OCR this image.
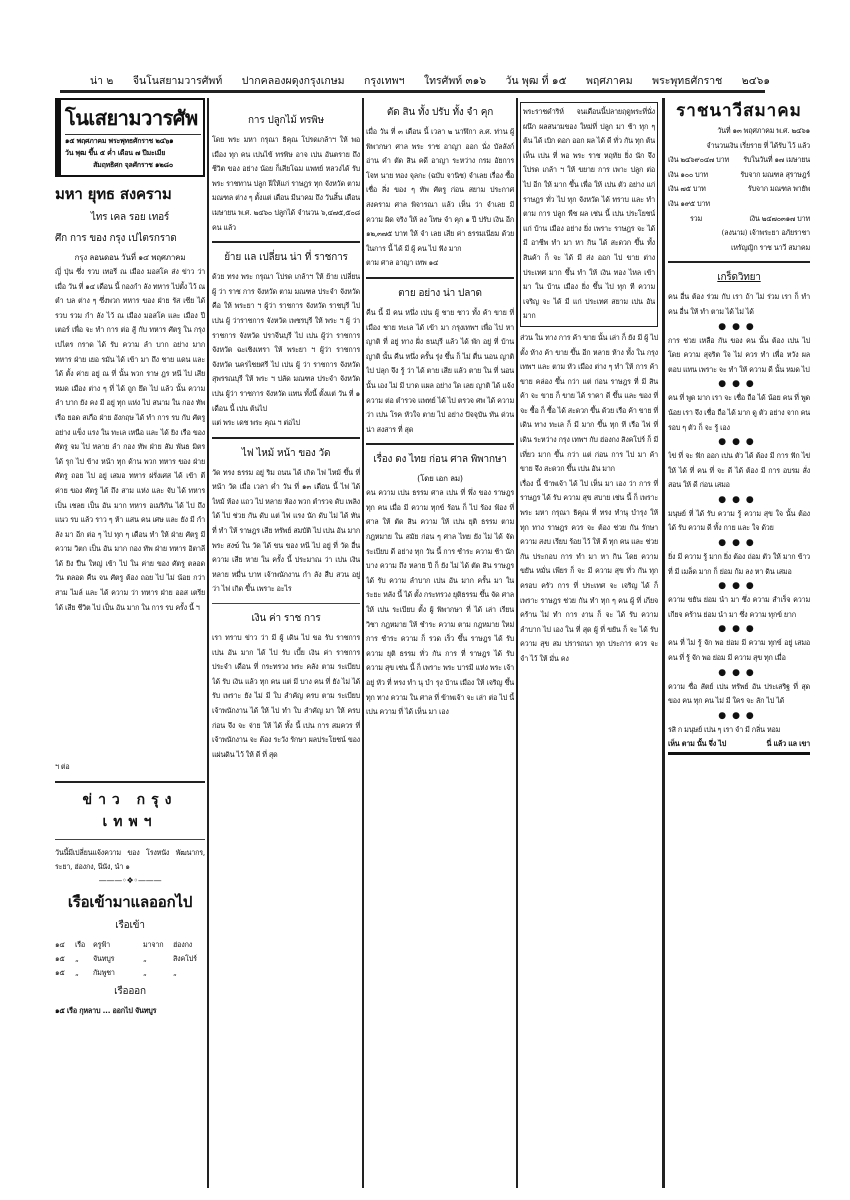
น่า ๒ จีนโนสยามวารศัพท์ ปากคลองผดุงกรุงเกษม กรุงเทพฯ ใทรศัพท์ ๓๑๖ วัน พุฒ ที่ ๑๕ พฤศภาคม พระพุทธศักราช ๒๔๖๑
โนเสยามวารศัพ
๑๕ พฤศภาคม พระพุทธศักราช ๒๔๖๑
วัน พุฒ ขึ้น ๕ ค่ำ เดือน ๗ ปีมะเมีย
สัมฤทธิศก จุลศักราช ๑๒๘๐
มหา ยุทธ สงคราม
ไทร เคล รอย เทอร์
ศึก การ ของ กรุง เปไตรกราด
กรุง ลอนดอน วันที่ ๑๔ พฤศภาคม

ญี่ ปุ่น ซึ่ง รวบ เทอรี ณ เมือง มอสโค ส่ง ข่าว ว่า เมื่อ วัน ที่ ๑๔ เดือน นี้ กองกำ ลัง ทหาร ไปตั้ง ไว้ ณ ตำ บล ต่าง ๆ ซึ่งพวก ทหาร ของ ฝ่าย รัส เซีย ได้ รวบ รวม กำ ลัง ไว้ ณ เมือง มอสโค และ เมือง ปีเตอร์ เพื่อ จะ ทำ การ ต่อ สู้ กับ ทหาร ศัตรู ใน กรุง เปไตร กราด ได้ รับ ความ ลำ บาก อย่าง มาก ทหาร ฝ่าย เยอ รมัน ได้ เข้า มา ถึง ชาย แดน และ ได้ ตั้ง ค่าย อยู่ ณ ที่ นั้น พวก ราษ ฎร หนี ไป เสีย หมด เมือง ต่าง ๆ ที่ ได้ ถูก ยึด ไป แล้ว นั้น ความ ลำ บาก ยัง คง มี อยู่ ทุก แห่ง ไป สนาม ใน กอง ทัพ เรือ ยอด สเกือ ฝ่าย อังกฤษ ได้ ทำ การ รบ กับ ศัตรู อย่าง แข็ง แรง ใน ทะเล เหนือ และ ได้ ยิง เรือ ของ ศัตรู จม ไป หลาย ลำ กอง ทัพ ฝ่าย สัม พันธ มิตร ได้ รุก ไป ข้าง หน้า ทุก ด้าน พวก ทหาร ของ ฝ่าย ศัตรู ถอย ไป อยู่ เสมอ ทหาร ฝรั่งเศส ได้ เข้า ตี ค่าย ของ ศัตรู ได้ ถึง สาม แห่ง และ จับ ได้ ทหาร เป็น เชลย เป็น อัน มาก ทหาร อเมริกัน ได้ ไป ถึง แนว รบ แล้ว ราว ๆ ห้า แสน คน เศษ และ ยัง มี กำ ลัง มา อีก ต่อ ๆ ไป ทุก ๆ เดือน ทำ ให้ ฝ่าย ศัตรู มี ความ วิตก เป็น อัน มาก กอง ทัพ ฝ่าย ทหาร อิตาลี ได้ ยิง ปืน ใหญ่ เข้า ไป ใน ค่าย ของ ศัตรู ตลอด วัน ตลอด คืน จน ศัตรู ต้อง ถอย ไป ไม่ น้อย กว่า สาม ไมล์ และ ได้ ความ ว่า ทหาร ฝ่าย ออส เตรีย ได้ เสีย ชีวิต ไป เป็น อัน มาก ใน การ รบ ครั้ง นี้ ฯ

ฯ ต่อ

ข่าว กรุง เทพฯ

วันนี้มีเปลี่ยนแจ้งความ ของ โรงหนัง พัฒนากร, ระยา, ฮ่องกง, นีนัง, นำ ๑

———◦❖◦———
เรือเข้ามาแลออกไป
เรือเข้า
๑๔	เรือ	ครูฟ้า	มาจาก	ฮ่องกง
๑๕	„	จันทบูร	„	สิงคโปร์
๑๕	„	กัมพูชา	„	„
เรือออก

๑๕ เรือ กุหลาบ ... ออกไป จันทบูร

การ ปลูกไม้ ทรพิษ

โดย พระ มหา กรุณา ธิคุณ โปรดเกล้าฯ ให้ พอ เมือง ทุก คน เปนไข้ ทรพิษ อาจ เปน อันตราย ถึง ชีวิต ของ อย่าง น้อย ก็เสียโฉม แพทย์ หลวงได้ รับ พระ ราชทาน ปลูก ฝีให้แก่ ราษฎร ทุก จังหวัด ตาม มณฑล ต่าง ๆ ตั้งแต่ เดือน มีนาคม ถึง วันสิ้น เดือนเมษายน พ.ศ. ๒๔๖๐ ปลูกได้ จำนวน ๖,๔๗๕,๕๐๘ คน แล้ว

ย้าย แล เปลี่ยน น่า ที่ ราชการ

ด้วย ทรง พระ กรุณา โปรด เกล้าฯ ให้ ย้าย เปลี่ยน ผู้ ว่า ราช การ จังหวัด ตาม มณฑล ประจำ จังหวัด คือ ให้ พระยา ฯ ผู้ว่า ราชการ จังหวัด ราชบุรี ไป เปน ผู้ ว่าราชการ จังหวัด เพชรบุรี ให้ พระ ฯ ผู้ ว่าราชการ จังหวัด ปราจีนบุรี ไป เปน ผู้ว่า ราชการ จังหวัด ฉะเชิงเทรา ให้ พระยา ฯ ผู้ว่า ราชการ จังหวัด นครไชยศรี ไป เปน ผู้ ว่า ราชการ จังหวัด สุพรรณบุรี ให้ พระ ฯ ปลัด มณฑล ประจำ จังหวัด เปน ผู้ว่า ราชการ จังหวัด แทน ทั้งนี้ ตั้งแต่ วัน ที่ ๑ เดือน นี้ เปน ต้นไป

แต่ พระ เดช พระ คุณ ฯ ต่อไป

ไฟ ไหม้ หน้า ของ วัด

วัด ทรง ธรรม อยู่ ริม ถนน ได้ เกิด ไฟ ไหม้ ขึ้น ที่ หน้า วัด เมื่อ เวลา ค่ำ วัน ที่ ๑๓ เดือน นี้ ไฟ ได้ ไหม้ ห้อง แถว ไป หลาย ห้อง พวก ตำรวจ ดับ เพลิง ได้ ไป ช่วย กัน ดับ แต่ ไฟ แรง นัก ดับ ไม่ ได้ ทัน ที่ ทำ ให้ ราษฎร เสีย ทรัพย์ สมบัติ ไป เปน อัน มาก พระ สงฆ์ ใน วัด ได้ ขน ของ หนี ไป อยู่ ที่ วัด อื่น ความ เสีย หาย ใน ครั้ง นี้ ประมาณ ว่า เปน เงิน หลาย หมื่น บาท เจ้าพนักงาน กำ ลัง สืบ สวน อยู่ ว่า ไฟ เกิด ขึ้น เพราะ อะไร

เงิน ค่า ราช การ

เรา ทราบ ข่าว ว่า มี ผู้ เดิน ไป ขอ รับ ราชการ เปน อัน มาก ได้ ไป รับ เบี้ย เงิน ค่า ราชการ ประจำ เดือน ที่ กระทรวง พระ คลัง ตาม ระเบียบ ได้ รับ เงิน แล้ว ทุก คน แต่ มี บาง คน ที่ ยัง ไม่ ได้ รับ เพราะ ยัง ไม่ มี ใบ สำคัญ ครบ ตาม ระเบียบ เจ้าพนักงาน ได้ ให้ ไป ทำ ใบ สำคัญ มา ให้ ครบ ก่อน จึง จะ จ่าย ให้ ได้ ทั้ง นี้ เปน การ สมควร ที่ เจ้าพนักงาน จะ ต้อง ระวัง รักษา ผลประโยชน์ ของ แผ่นดิน ไว้ ให้ ดี ที่ สุด

ตัด สิน ทั้ง ปรับ ทั้ง จำ คุก

เมื่อ วัน ที่ ๓ เดือน นี้ เวลา ๒ นาฬิกา ล.ศ. ท่าน ผู้ พิพากษา ศาล พระ ราช อาญา ออก นั่ง บัลลังก์ อ่าน คำ ตัด สิน คดี อาญา ระหว่าง กรม อัยการ โจท นาย ทอง จุลกะ (ฉบับ จานิช) จำเลย เรื่อง ซื้อ เชื่อ สิ่ง ของ ๆ ทัพ ศัตรู ก่อน สยาม ประกาศ สงคราม ศาล พิจารณา แล้ว เห็น ว่า จำเลย มี ความ ผิด จริง ให้ ลง โทษ จำ คุก ๑ ปี ปรับ เงิน อีก ๑๒,๓๗๕ บาท ให้ จำ เลย เสีย ค่า ธรรมเนียม ด้วย ในการ นี้ ได้ มี ผู้ คน ไป ฟัง มาก

ตาม ศาล อาญา เทพ ๑๔

ตาย อย่าง น่า ปลาด

คืน นี้ มี คน หนึ่ง เปน ผู้ ชาย ชาว ทั้ง ค้า ขาย ที่ เมือง ชาย ทะเล ได้ เข้า มา กรุงเทพฯ เพื่อ ไป หา ญาติ ที่ อยู่ ทาง ฝั่ง ธนบุรี แล้ว ได้ พัก อยู่ ที่ บ้าน ญาติ นั้น คืน หนึ่ง ครั้น รุ่ง ขึ้น ก็ ไม่ ตื่น นอน ญาติ ไป ปลุก จึง รู้ ว่า ได้ ตาย เสีย แล้ว ตาย ใน ที่ นอน นั้น เอง ไม่ มี บาด แผล อย่าง ใด เลย ญาติ ได้ แจ้ง ความ ต่อ ตำรวจ แพทย์ ได้ ไป ตรวจ ศพ ได้ ความ ว่า เปน โรค หัวใจ ตาย ไป อย่าง ปัจจุบัน ทัน ด่วน น่า สงสาร ที่ สุด

เรื่อง ดง ไทย ก่อน ศาล พิพากษา
(โดย เอก ลม)

คน ความ เปน ธรรม ศาล เปน ที่ พึ่ง ของ ราษฎร ทุก คน เมื่อ มี ความ ทุกข์ ร้อน ก็ ไป ร้อง ฟ้อง ที่ ศาล ให้ ตัด สิน ความ ให้ เปน ยุติ ธรรม ตาม กฎหมาย ใน สมัย ก่อน ๆ ศาล ไทย ยัง ไม่ ได้ จัด ระเบียบ ดี อย่าง ทุก วัน นี้ การ ชำระ ความ ช้า นัก บาง ความ ถึง หลาย ปี ก็ ยัง ไม่ ได้ ตัด สิน ราษฎร ได้ รับ ความ ลำบาก เปน อัน มาก ครั้น มา ใน ระยะ หลัง นี้ ได้ ตั้ง กระทรวง ยุติธรรม ขึ้น จัด ศาล ให้ เปน ระเบียบ ตั้ง ผู้ พิพากษา ที่ ได้ เล่า เรียน วิชา กฎหมาย ให้ ชำระ ความ ตาม กฎหมาย ใหม่ การ ชำระ ความ ก็ รวด เร็ว ขึ้น ราษฎร ได้ รับ ความ ยุติ ธรรม ทั่ว กัน การ ที่ ราษฎร ได้ รับ ความ สุข เช่น นี้ ก็ เพราะ พระ บารมี แห่ง พระ เจ้า อยู่ หัว ที่ ทรง ทำ นุ บำ รุง บ้าน เมือง ให้ เจริญ ขึ้น ทุก ทาง ความ ใน ศาล ที่ ข้าพเจ้า จะ เล่า ต่อ ไป นี้ เปน ความ ที่ ได้ เห็น มา เอง

พระราชดำริห์ จนเดือนนี้ปลายฤดูพระที่นั่งผนึก ผลสนามของ ใหม่ที่ ปลูก มา ช้า ทุก ๆ ต้น ได้ เบิก ดอก ออก ผล ได้ ดี ทั่ว กัน ทุก ต้น เห็น เปน ที่ พอ พระ ราช หฤทัย ยิ่ง นัก จึง โปรด เกล้า ฯ ให้ ขยาย การ เพาะ ปลูก ต่อ ไป อีก ให้ มาก ขึ้น เพื่อ ให้ เปน ตัว อย่าง แก่ ราษฎร ทั่ว ไป ทุก จังหวัด ได้ ทราบ และ ทำ ตาม การ ปลูก พืช ผล เช่น นี้ เปน ประโยชน์ แก่ บ้าน เมือง อย่าง ยิ่ง เพราะ ราษฎร จะ ได้ มี อาชีพ ทำ มา หา กิน ได้ สะดวก ขึ้น ทั้ง สินค้า ก็ จะ ได้ มี ส่ง ออก ไป ขาย ต่าง ประเทศ มาก ขึ้น ทำ ให้ เงิน ทอง ไหล เข้า มา ใน บ้าน เมือง ยิ่ง ขึ้น ไป ทุก ที ความ เจริญ จะ ได้ มี แก่ ประเทศ สยาม เปน อัน มาก

ส่วน ใน ทาง การ ค้า ขาย นั้น เล่า ก็ ยัง มี ผู้ ไป ตั้ง ห้าง ค้า ขาย ขึ้น อีก หลาย ห้าง ทั้ง ใน กรุง เทพฯ และ ตาม หัว เมือง ต่าง ๆ ทำ ให้ การ ค้า ขาย คล่อง ขึ้น กว่า แต่ ก่อน ราษฎร ที่ มี สิน ค้า จะ ขาย ก็ ขาย ได้ ราคา ดี ขึ้น และ ของ ที่ จะ ซื้อ ก็ ซื้อ ได้ สะดวก ขึ้น ด้วย เรือ ค้า ขาย ที่ เดิน ทาง ทะเล ก็ มี มาก ขึ้น ทุก ที เรือ ไฟ ที่ เดิน ระหว่าง กรุง เทพฯ กับ ฮ่องกง สิงคโปร์ ก็ มี เที่ยว มาก ขึ้น กว่า แต่ ก่อน การ ไป มา ค้า ขาย จึง สะดวก ขึ้น เปน อัน มาก

เรื่อง นี้ ข้าพเจ้า ได้ ไป เห็น มา เอง ว่า การ ที่ ราษฎร ได้ รับ ความ สุข สบาย เช่น นี้ ก็ เพราะ พระ มหา กรุณา ธิคุณ ที่ ทรง ทำนุ บำรุง ให้ ทุก ทาง ราษฎร ควร จะ ต้อง ช่วย กัน รักษา ความ สงบ เรียบ ร้อย ไว้ ให้ ดี ทุก คน และ ช่วย กัน ประกอบ การ ทำ มา หา กิน โดย ความ ขยัน หมั่น เพียร ก็ จะ มี ความ สุข ทั่ว กัน ทุก ครอบ ครัว การ ที่ ประเทศ จะ เจริญ ได้ ก็ เพราะ ราษฎร ช่วย กัน ทำ ทุก ๆ คน ผู้ ที่ เกียจ คร้าน ไม่ ทำ การ งาน ก็ จะ ได้ รับ ความ ลำบาก ไป เอง ใน ที่ สุด ผู้ ที่ ขยัน ก็ จะ ได้ รับ ความ สุข สม ปรารถนา ทุก ประการ ควร จะ จำ ไว้ ให้ มั่น คง

ราชนาวีสมาคม
วันที่ ๑๓ พฤศภาคม พ.ศ. ๒๔๖๑
จำนวนเงิน เรี่ยราย ที่ ได้รับ ไว้ แล้ว
เงิน ๒๔๖๙๐๔๗ บาท รับในวันที่ ๑๗ เมษายน
เงิน ๑๐๐ บาท	รับจาก มณฑล สุราษฎร์
เงิน ๗๕ บาท	รับจาก มณฑล พายัพ
เงิน ๑๙๕ บาท
รวม	เงิน ๒๔๗๐๓๑๗ บาท
(ลงนาม) เจ้าพระยา อภัยราชา
เหรัญญิก ราช นาวี สมาคม
เกร็ดวิทยา

คน อื่น ต้อง ร่วม กับ เรา ถ้า ไม่ ร่วม เรา ก็ ทำ คน อื่น ให้ ทำ ตาม ได้ ไม่ ได้

●●●

การ ช่วย เหลือ กัน ของ คน นั้น ต้อง เปน ไป โดย ความ สุจริต ใจ ไม่ ควร ทำ เพื่อ หวัง ผล ตอบ แทน เพราะ จะ ทำ ให้ ความ ดี นั้น หมด ไป

●●●

คน ที่ พูด มาก เรา จะ เชื่อ ถือ ได้ น้อย คน ที่ พูด น้อย เรา จึง เชื่อ ถือ ได้ มาก ดู ตัว อย่าง จาก คน รอบ ๆ ตัว ก็ จะ รู้ เอง

●●●

ไข่ ที่ จะ ฟัก ออก เปน ตัว ได้ ต้อง มี การ ฟัก ไข่ ให้ ได้ ที่ คน ที่ จะ ดี ได้ ต้อง มี การ อบรม สั่ง สอน ให้ ดี ก่อน เสมอ

●●●

มนุษย์ ที่ ได้ รับ ความ รู้ ความ สุข ใจ นั้น ต้อง ได้ รับ ความ ดี ทั้ง กาย และ ใจ ด้วย

●●●

ยิ่ง มี ความ รู้ มาก ยิ่ง ต้อง ถ่อม ตัว ให้ มาก ข้าว ที่ มี เมล็ด มาก ก็ ย่อม ก้ม ลง หา ดิน เสมอ

●●●

ความ ขยัน ย่อม นำ มา ซึ่ง ความ สำเร็จ ความ เกียจ คร้าน ย่อม นำ มา ซึ่ง ความ ทุกข์ ยาก

●●●

คน ที่ ไม่ รู้ จัก พอ ย่อม มี ความ ทุกข์ อยู่ เสมอ คน ที่ รู้ จัก พอ ย่อม มี ความ สุข ทุก เมื่อ

●●●

ความ ซื่อ สัตย์ เปน ทรัพย์ อัน ประเสริฐ ที่ สุด ของ คน ทุก คน ไม่ มี ใคร จะ ลัก ไป ได้

●●●

รสิ ก มนุษย์ เปน ๆ เรา จำ มี กลิ่น หอม

เห็น ตาม นั้น จึ่ง ไป	นี่ แล้ว แล เขา
